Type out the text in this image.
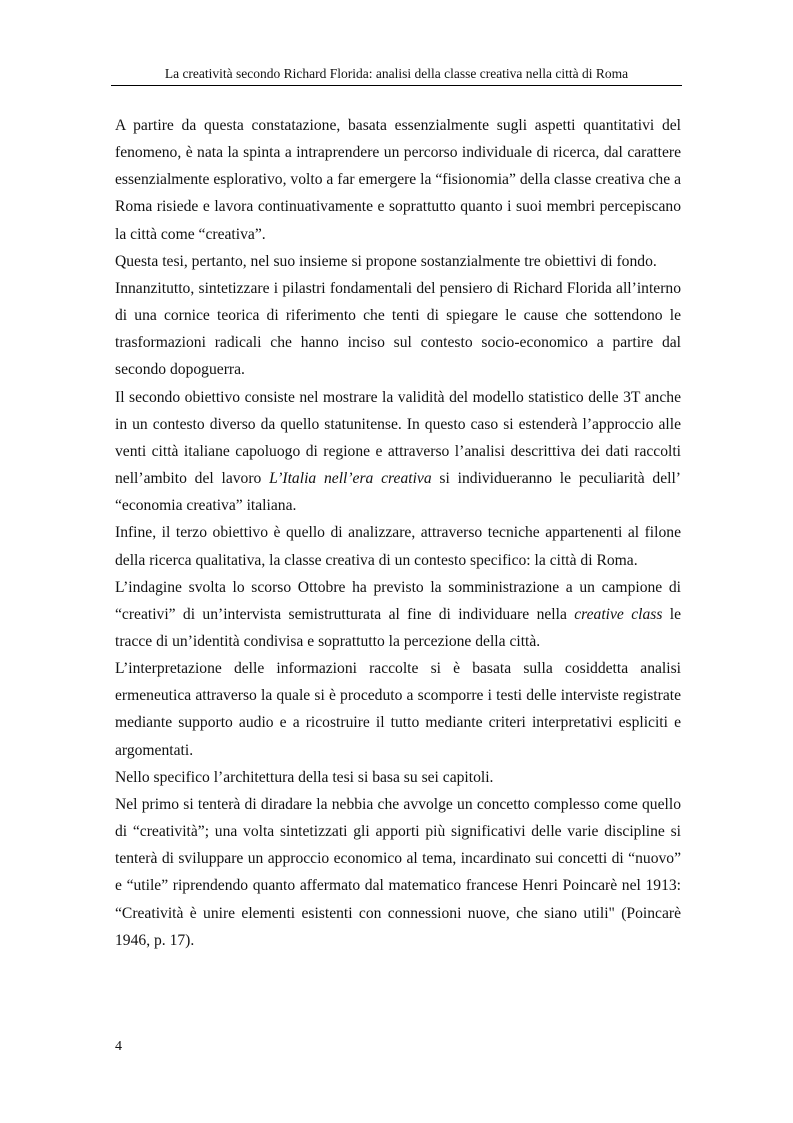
La creatività secondo Richard Florida: analisi della classe creativa nella città di Roma

A partire da questa constatazione, basata essenzialmente sugli aspetti quantitativi del fenomeno, è nata la spinta a intraprendere un percorso individuale di ricerca, dal carattere essenzialmente esplorativo, volto a far emergere la “fisionomia” della classe creativa che a Roma risiede e lavora continuativamente e soprattutto quanto i suoi membri percepiscano la città come “creativa”.

Questa tesi, pertanto, nel suo insieme si propone sostanzialmente tre obiettivi di fondo.

Innanzitutto, sintetizzare i pilastri fondamentali del pensiero di Richard Florida all’interno di una cornice teorica di riferimento che tenti di spiegare le cause che sottendono le trasformazioni radicali che hanno inciso sul contesto socio-economico a partire dal secondo dopoguerra.

Il secondo obiettivo consiste nel mostrare la validità del modello statistico delle 3T anche in un contesto diverso da quello statunitense. In questo caso si estenderà l’approccio alle venti città italiane capoluogo di regione e attraverso l’analisi descrittiva dei dati raccolti nell’ambito del lavoro L’Italia nell’era creativa si individueranno le peculiarità dell’ “economia creativa” italiana.

Infine, il terzo obiettivo è quello di analizzare, attraverso tecniche appartenenti al filone della ricerca qualitativa, la classe creativa di un contesto specifico: la città di Roma.

L’indagine svolta lo scorso Ottobre ha previsto la somministrazione a un campione di “creativi” di un’intervista semistrutturata al fine di individuare nella creative class le tracce di un’identità condivisa e soprattutto la percezione della città.

L’interpretazione delle informazioni raccolte si è basata sulla cosiddetta analisi ermeneutica attraverso la quale si è proceduto a scomporre i testi delle interviste registrate mediante supporto audio e a ricostruire il tutto mediante criteri interpretativi espliciti e argomentati.

Nello specifico l’architettura della tesi si basa su sei capitoli.

Nel primo si tenterà di diradare la nebbia che avvolge un concetto complesso come quello di “creatività”; una volta sintetizzati gli apporti più significativi delle varie discipline si tenterà di sviluppare un approccio economico al tema, incardinato sui concetti di “nuovo” e “utile” riprendendo quanto affermato dal matematico francese Henri Poincarè nel 1913: “Creatività è unire elementi esistenti con connessioni nuove, che siano utili" (Poincarè 1946, p. 17).

4
